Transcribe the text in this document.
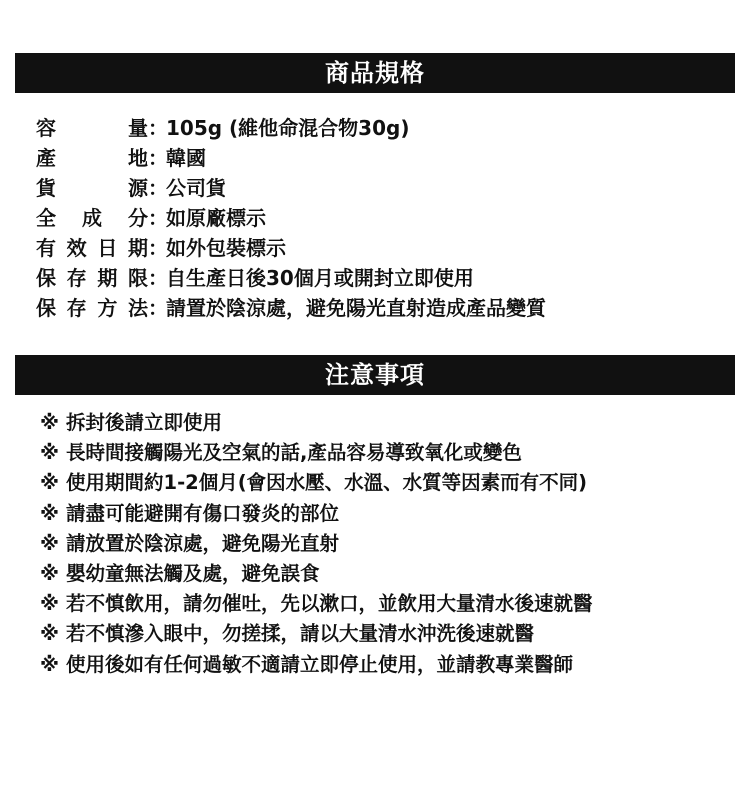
商品規格
容量 ：
105g (維他命混合物30g)
產地 ：
韓國
貨源 ：
公司貨
全成分 ：
如原廠標示
有效日期 ：
如外包裝標示
保存期限 ：
自生產日後30個月或開封立即使用
保存方法 ：
請置於陰涼處，避免陽光直射造成產品變質
注意事項
※ 拆封後請立即使用
※ 長時間接觸陽光及空氣的話,產品容易導致氧化或變色
※ 使用期間約1-2個月(會因水壓、水溫、水質等因素而有不同)
※ 請盡可能避開有傷口發炎的部位
※ 請放置於陰涼處，避免陽光直射
※ 嬰幼童無法觸及處，避免誤食
※ 若不慎飲用，請勿催吐，先以漱口，並飲用大量清水後速就醫
※ 若不慎滲入眼中，勿搓揉，請以大量清水沖洗後速就醫
※ 使用後如有任何過敏不適請立即停止使用，並請教專業醫師
